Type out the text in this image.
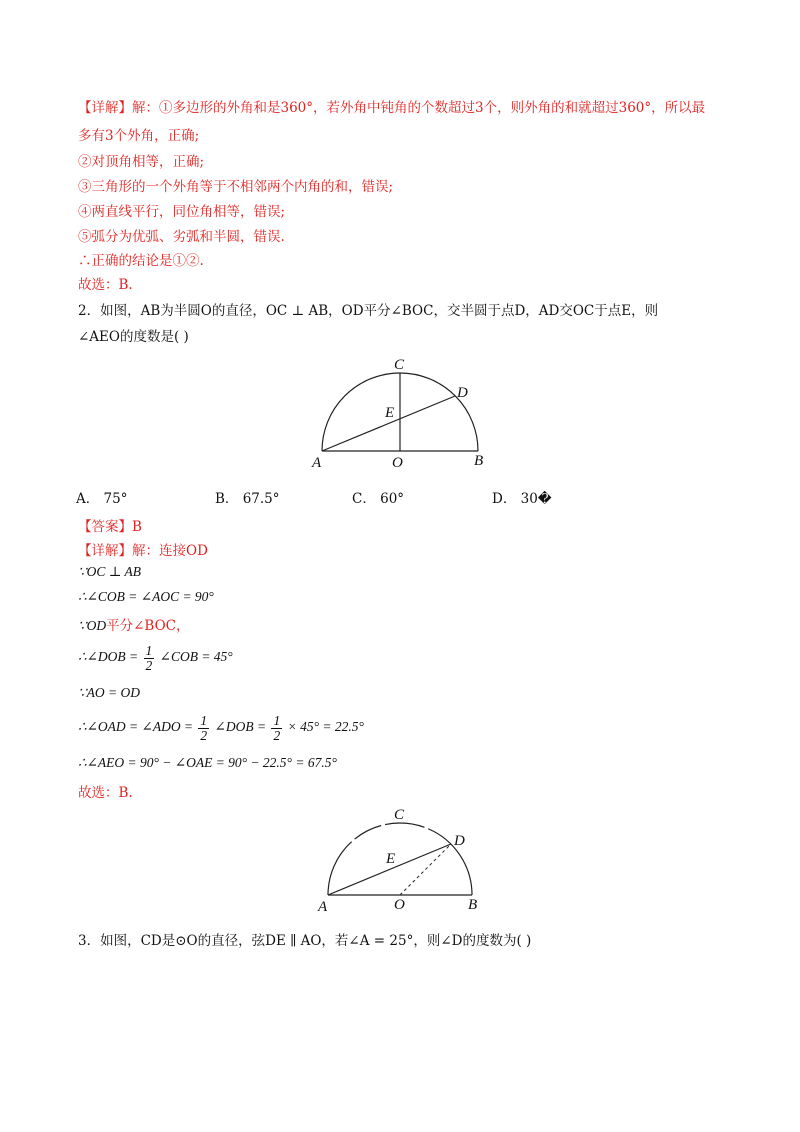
【详解】解：①多边形的外角和是360°，若外角中钝角的个数超过3个，则外角的和就超过360°，所以最
多有3个外角，正确;
②对顶角相等，正确;
③三角形的一个外角等于不相邻两个内角的和，错误;
④两直线平行，同位角相等，错误;
⑤弧分为优弧、劣弧和半圆，错误.
∴正确的结论是①②.
故选：B.
2．如图，AB为半圆O的直径，OC ⊥ AB，OD平分∠BOC，交半圆于点D，AD交OC于点E，则
∠AEO的度数是( )
C
D
E
A	O	B
A． 75°	B． 67.5°	C． 60°	D． 30�
【答案】B
【详解】解：连接OD
∵OC ⊥ AB
∴∠COB = ∠AOC = 90°
∵OD平分∠BOC，
∴∠DOB = $\frac{1}{2}$ ∠COB = 45°
∵AO = OD
∴∠OAD = ∠ADO = $\frac{1}{2}$ ∠DOB = $\frac{1}{2} \times 45^\circ = 22.5^\circ$
∴∠AEO = 90° − ∠OAE = 90° − 22.5° = 67.5°
故选：B.
C
D
E
A	O	B
3．如图，CD是⊙O的直径，弦DE ∥ AO，若∠A = 25°，则∠D的度数为( )
